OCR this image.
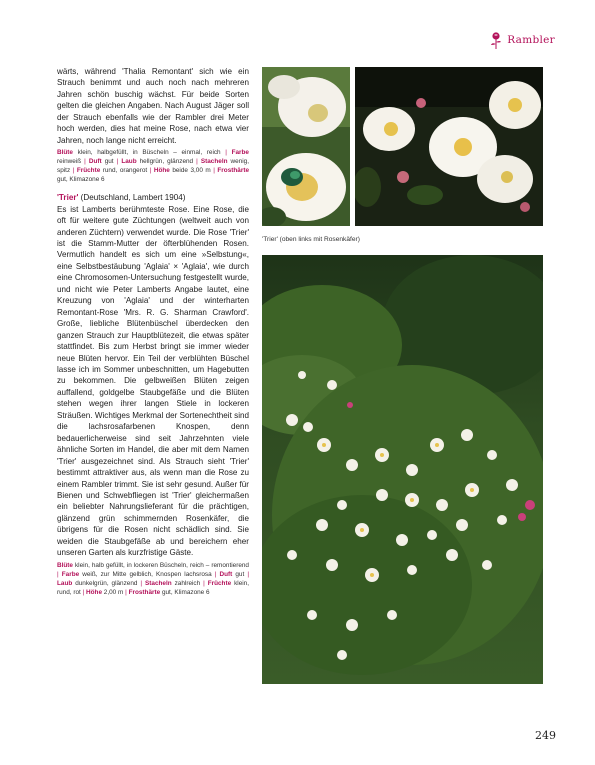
Rambler

wärts, während 'Thalia Remontant' sich wie ein Strauch benimmt und auch noch nach mehreren Jahren schön buschig wächst. Für beide Sorten gelten die gleichen Angaben. Nach August Jäger soll der Strauch ebenfalls wie der Rambler drei Meter hoch werden, dies hat meine Rose, nach etwa vier Jahren, noch lange nicht erreicht.

Blüte klein, halbgefüllt, in Büscheln – einmal, reich | Farbe reinweiß | Duft gut | Laub hellgrün, glänzend | Stacheln wenig, spitz | Früchte rund, orangerot | Höhe beide 3,00 m | Frosthärte gut, Klimazone 6

'Trier' (Deutschland, Lambert 1904)

Es ist Lamberts berühmteste Rose. Eine Rose, die oft für weitere gute Züchtungen (weltweit auch von anderen Züchtern) verwendet wurde. Die Rose 'Trier' ist die Stamm-Mutter der öfterblühenden Rosen. Vermutlich handelt es sich um eine »Selbstung«, eine Selbstbestäubung 'Aglaia' × 'Aglaia', wie durch eine Chromosomen-Untersuchung festgestellt wurde, und nicht wie Peter Lamberts Angabe lautet, eine Kreuzung von 'Aglaia' und der winterharten Remontant-Rose 'Mrs. R. G. Sharman Crawford'. Große, liebliche Blütenbüschel überdecken den ganzen Strauch zur Hauptblütezeit, die etwas später stattfindet. Bis zum Herbst bringt sie immer wieder neue Blüten hervor. Ein Teil der verblühten Büschel lasse ich im Sommer unbeschnitten, um Hagebutten zu bekommen. Die gelbweißen Blüten zeigen auffallend, goldgelbe Staubgefäße und die Blüten stehen wegen ihrer langen Stiele in lockeren Sträußen. Wichtiges Merkmal der Sortenechtheit sind die lachsrosafarbenen Knospen, denn bedauerlicherweise sind seit Jahrzehnten viele ähnliche Sorten im Handel, die aber mit dem Namen 'Trier' ausgezeichnet sind. Als Strauch sieht 'Trier' bestimmt attraktiver aus, als wenn man die Rose zu einem Rambler trimmt. Sie ist sehr gesund. Außer für Bienen und Schwebfliegen ist 'Trier' gleichermaßen ein beliebter Nahrungslieferant für die prächtigen, glänzend grün schimmernden Rosenkäfer, die übrigens für die Rosen nicht schädlich sind. Sie weiden die Staubgefäße ab und bereichern eher unseren Garten als kurzfristige Gäste.

Blüte klein, halb gefüllt, in lockeren Büscheln, reich – remontierend | Farbe weiß, zur Mitte gelblich, Knospen lachsrosa | Duft gut | Laub dunkelgrün, glänzend | Stacheln zahlreich | Früchte klein, rund, rot | Höhe 2,00 m | Frosthärte gut, Klimazone 6

'Trier' (oben links mit Rosenkäfer)
249
